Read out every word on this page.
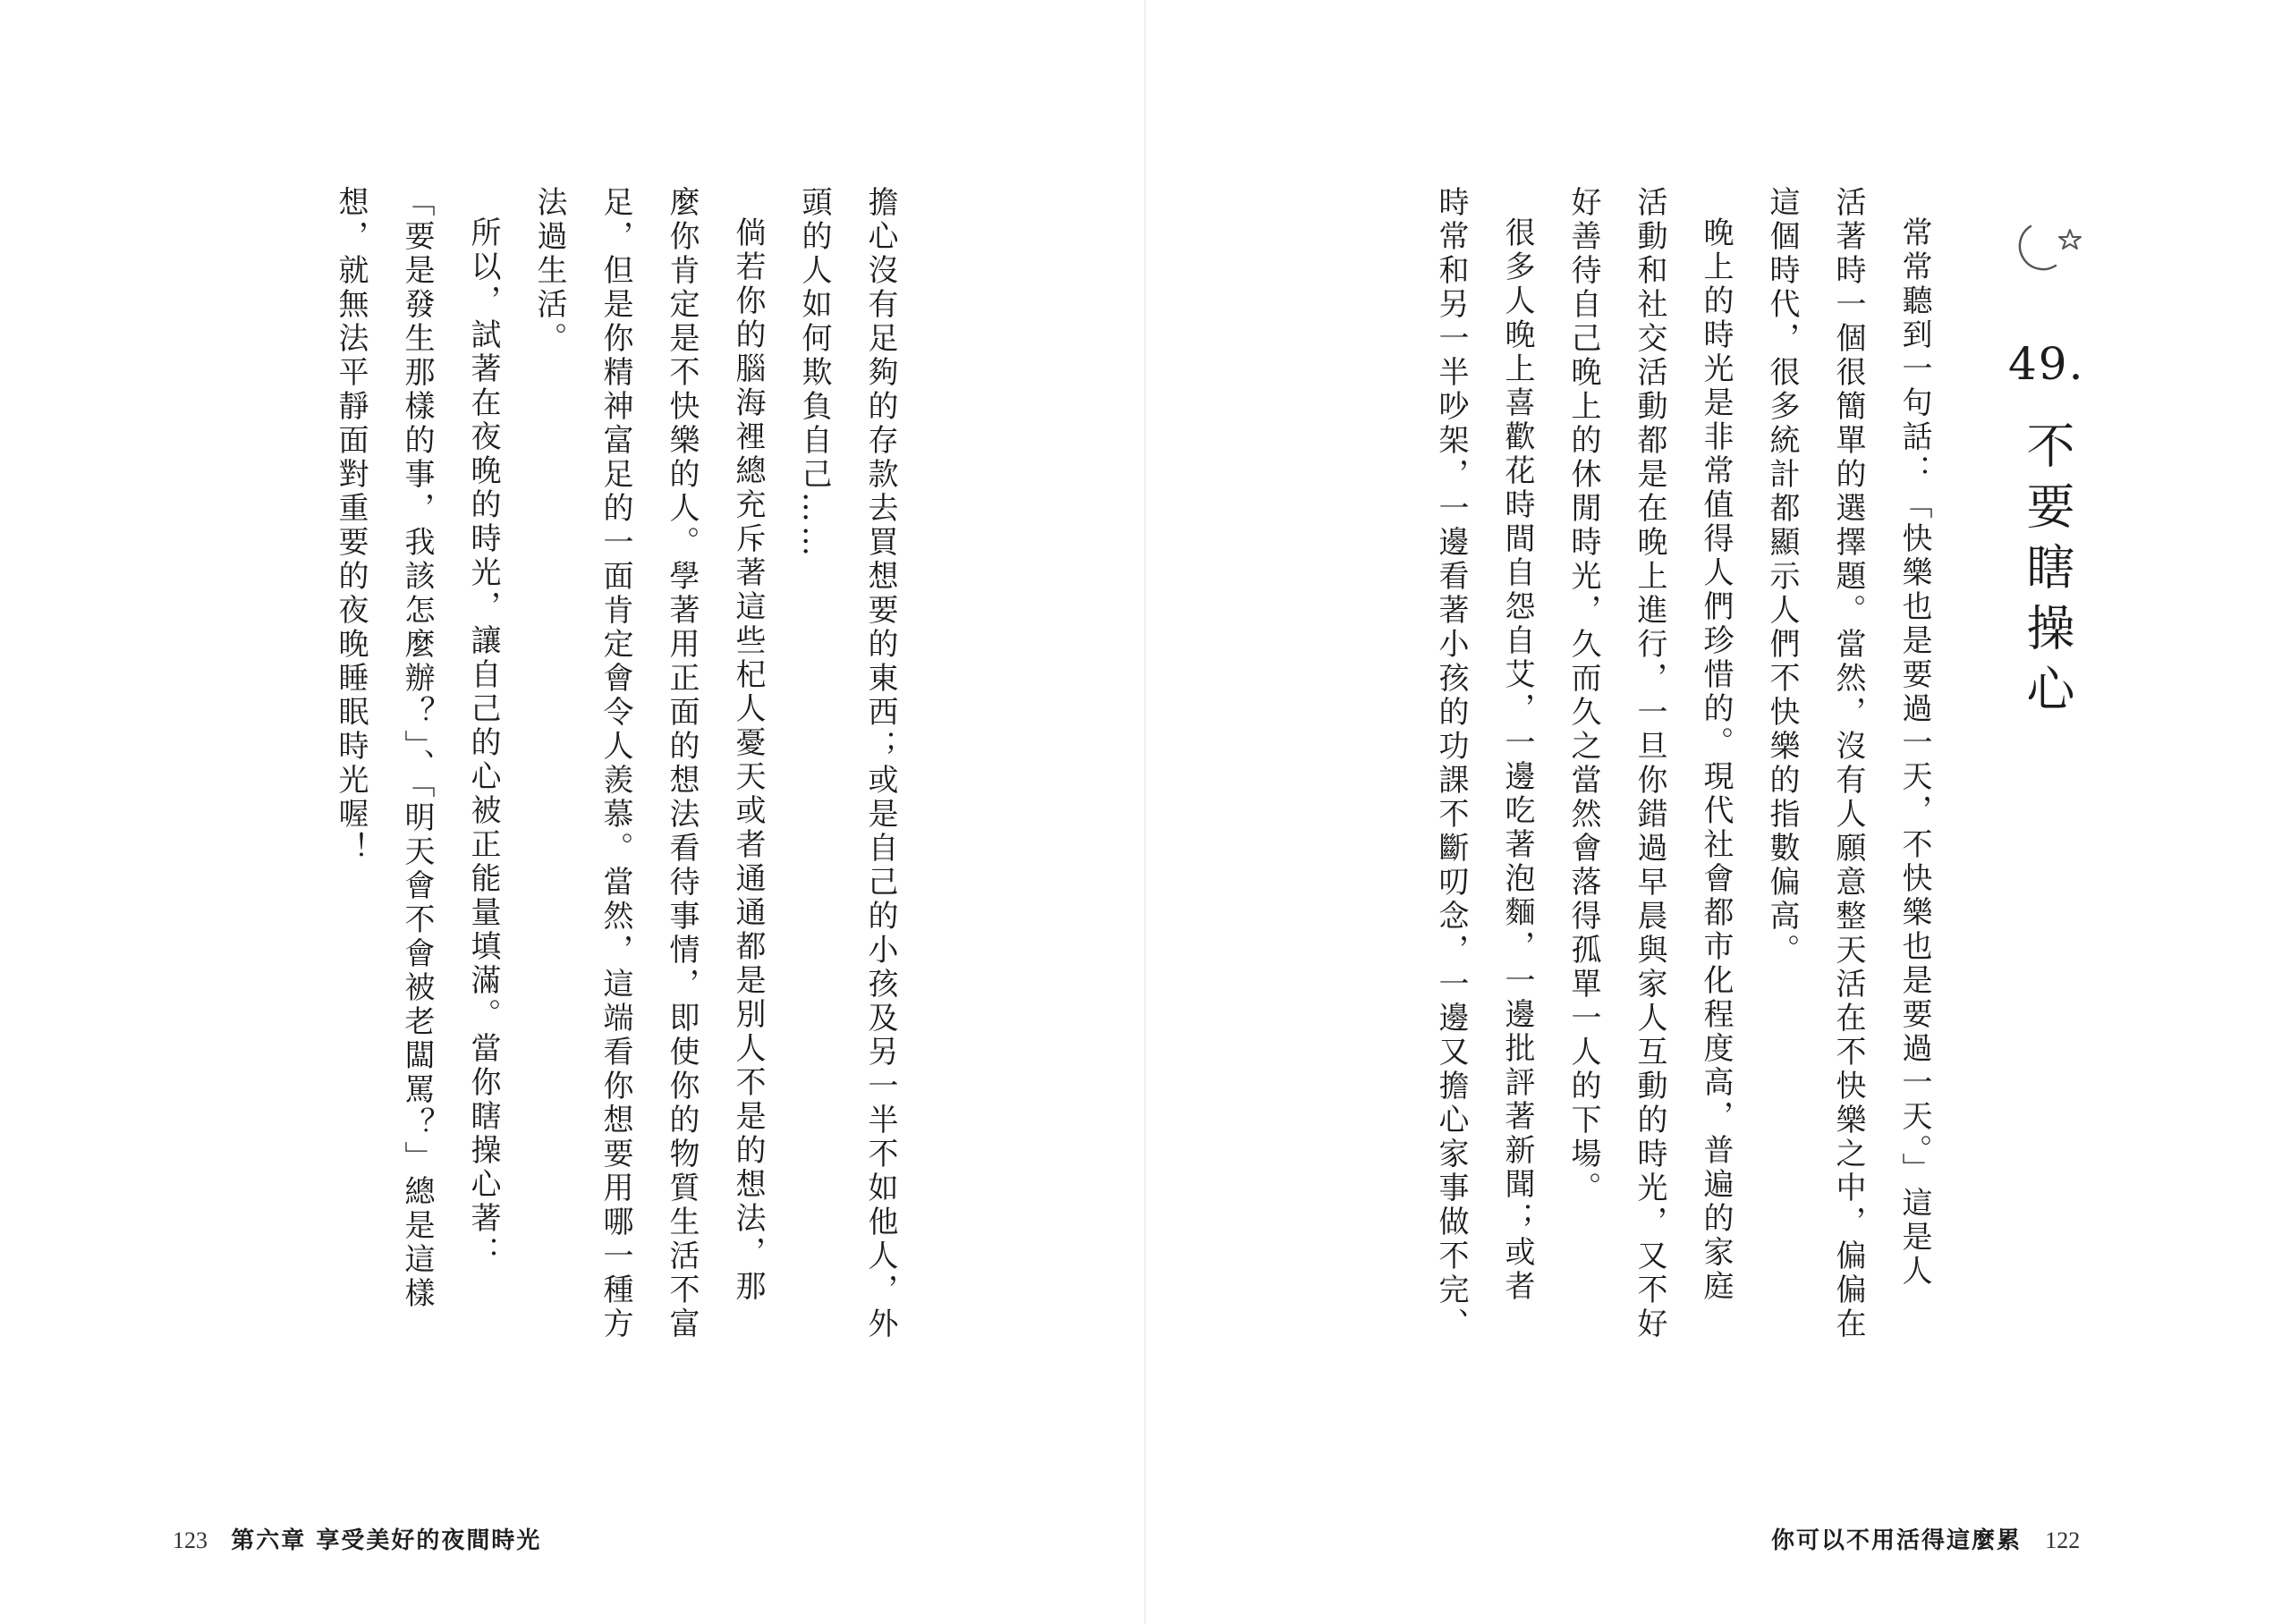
擔心沒有足夠的存款去買想要的東西；或是自己的小孩及另一半不如他人，外

頭的人如何欺負自己……

倘若你的腦海裡總充斥著這些杞人憂天或者通通都是別人不是的想法，那

麼你肯定是不快樂的人。學著用正面的想法看待事情，即使你的物質生活不富

足，但是你精神富足的一面肯定會令人羨慕。當然，這端看你想要用哪一種方

法過生活。

所以，試著在夜晚的時光，讓自己的心被正能量填滿。當你瞎操心著：

「要是發生那樣的事，我該怎麼辦？」、「明天會不會被老闆罵？」總是這樣

想，就無法平靜面對重要的夜晚睡眠時光喔！

123 第六章 享受美好的夜間時光
49.
不要瞎操心

常常聽到一句話：「快樂也是要過一天，不快樂也是要過一天。」這是人

活著時一個很簡單的選擇題。當然，沒有人願意整天活在不快樂之中，偏偏在

這個時代，很多統計都顯示人們不快樂的指數偏高。

晚上的時光是非常值得人們珍惜的。現代社會都市化程度高，普遍的家庭

活動和社交活動都是在晚上進行，一旦你錯過早晨與家人互動的時光，又不好

好善待自己晚上的休閒時光，久而久之當然會落得孤單一人的下場。

很多人晚上喜歡花時間自怨自艾，一邊吃著泡麵，一邊批評著新聞；或者

時常和另一半吵架，一邊看著小孩的功課不斷叨念，一邊又擔心家事做不完、

你可以不用活得這麼累 122
